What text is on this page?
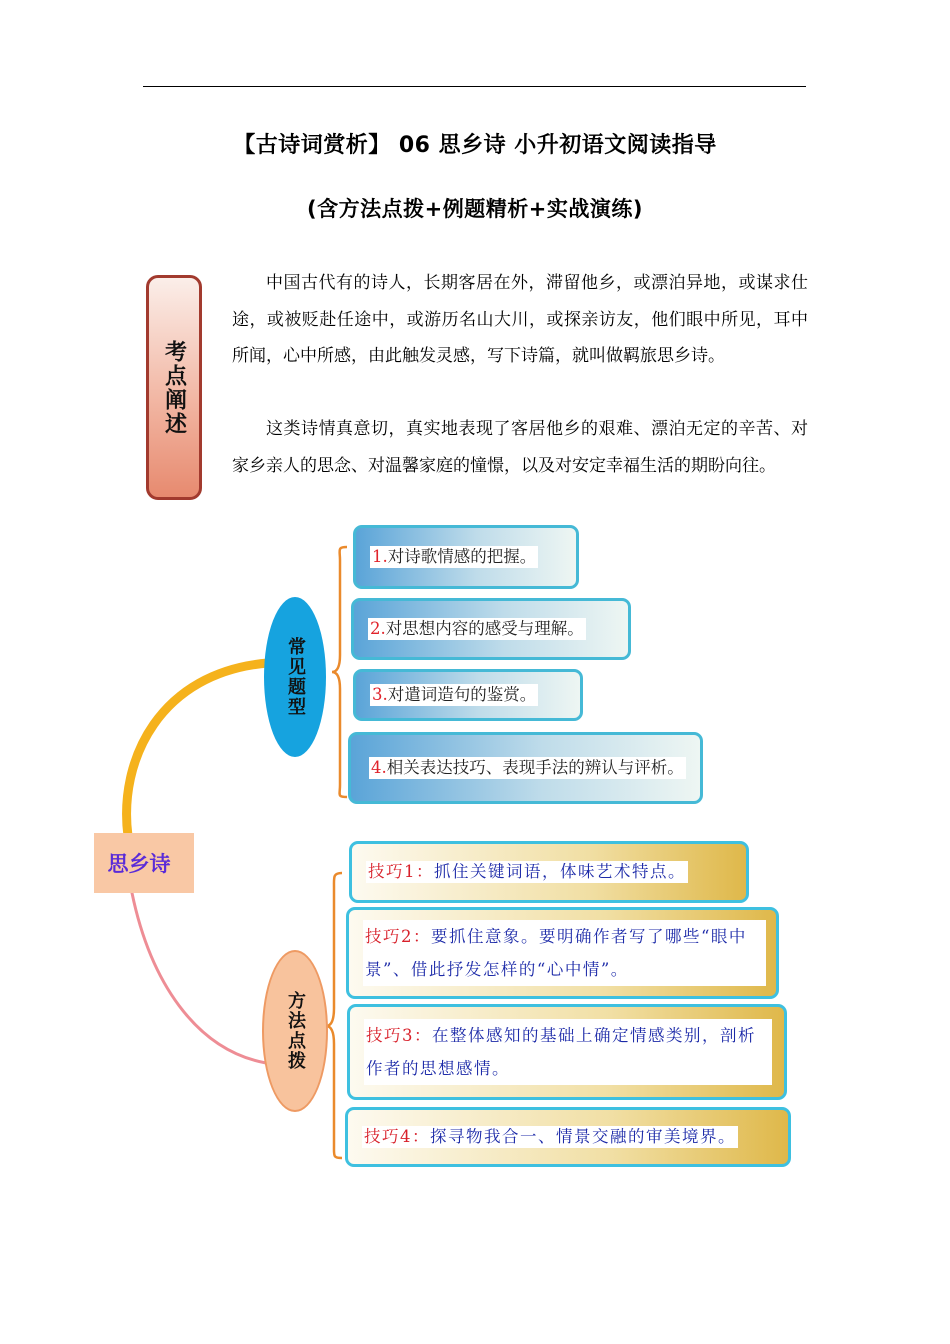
【古诗词赏析】 06 思乡诗 小升初语文阅读指导
(含方法点拨+例题精析+实战演练)
考点阐述

中国古代有的诗人，长期客居在外，滞留他乡，或漂泊异地，或谋求仕途，或被贬赴任途中，或游历名山大川，或探亲访友，他们眼中所见，耳中所闻，心中所感，由此触发灵感，写下诗篇，就叫做羁旅思乡诗。

这类诗情真意切，真实地表现了客居他乡的艰难、漂泊无定的辛苦、对家乡亲人的思念、对温馨家庭的憧憬，以及对安定幸福生活的期盼向往。

思乡诗
常见题型
方法点拨
1.对诗歌情感的把握。
2.对思想内容的感受与理解。
3.对遣词造句的鉴赏。
4.相关表达技巧、表现手法的辨认与评析。
技巧1：抓住关键词语，体味艺术特点。
技巧2：要抓住意象。要明确作者写了哪些“眼中景”、借此抒发怎样的“心中情”。
技巧3：在整体感知的基础上确定情感类别，剖析作者的思想感情。
技巧4：探寻物我合一、情景交融的审美境界。
